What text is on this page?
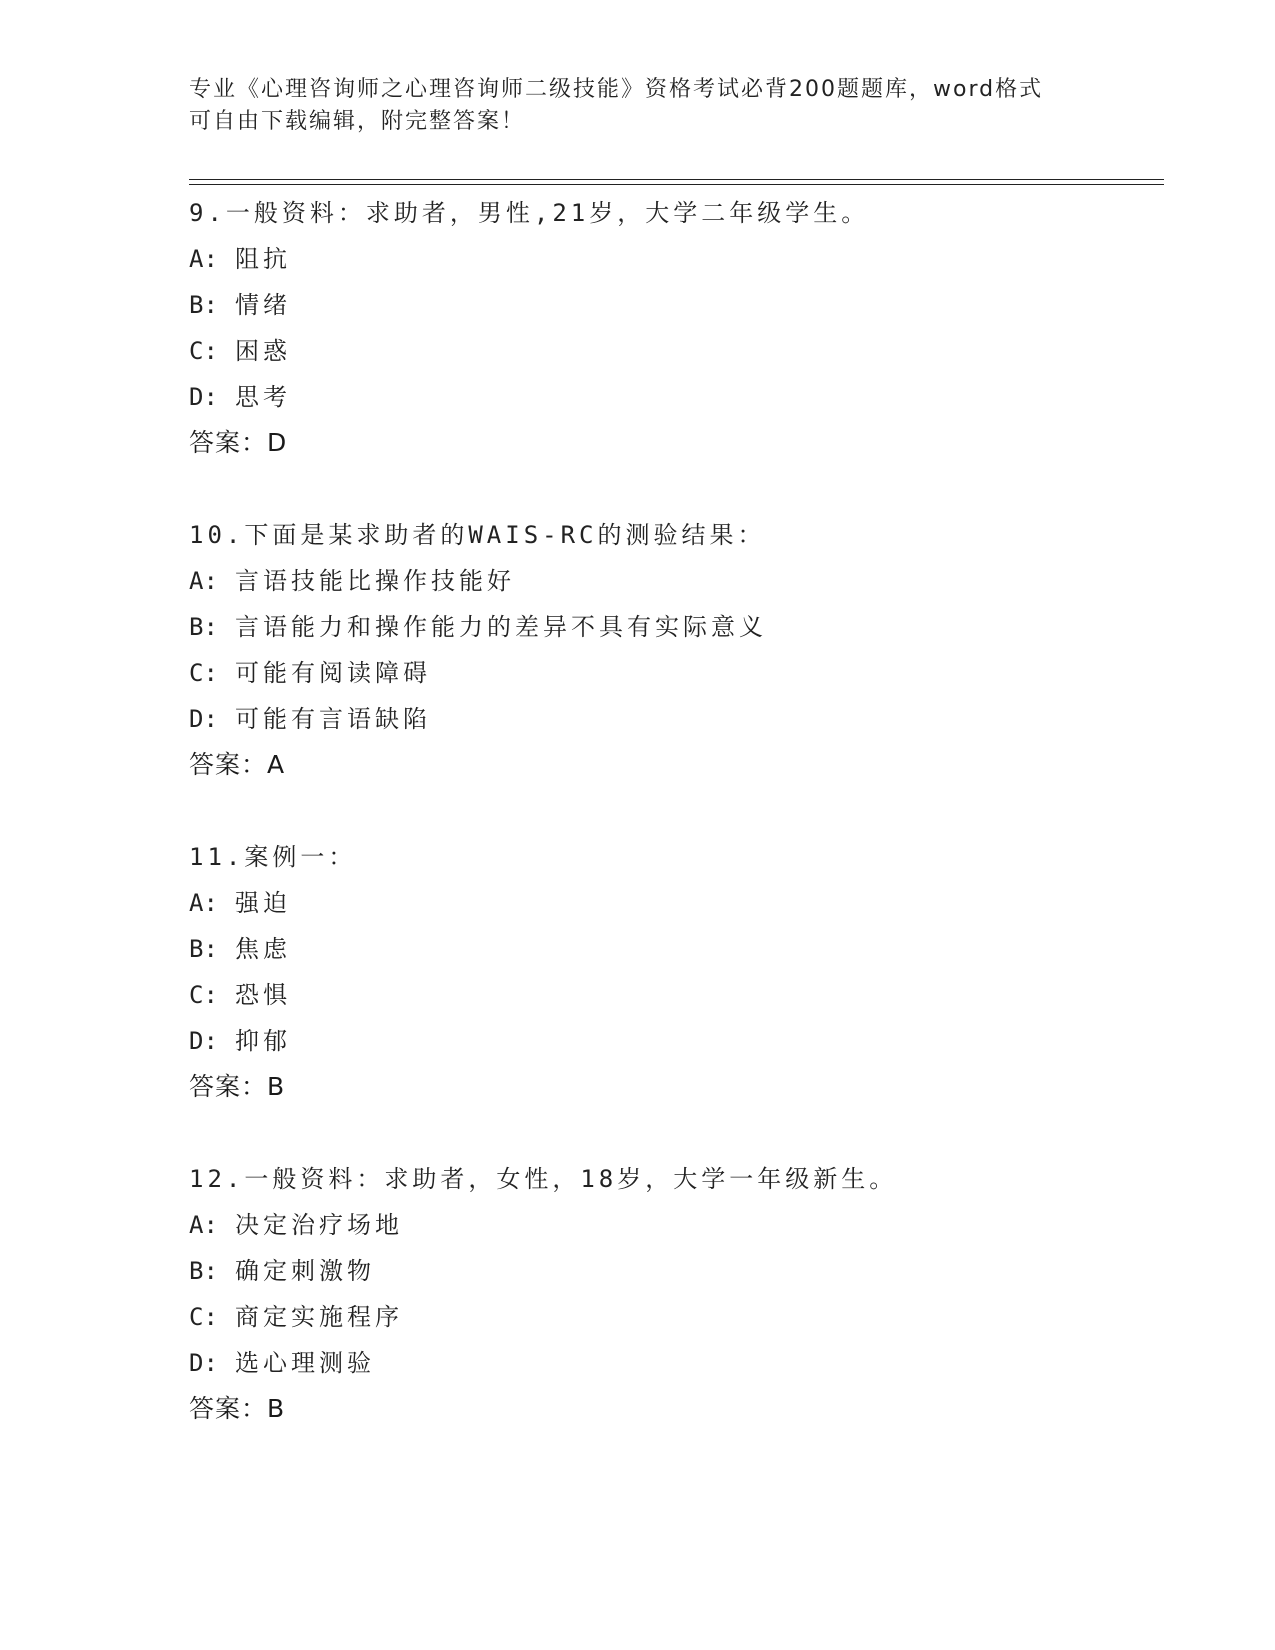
专业《心理咨询师之心理咨询师二级技能》资格考试必背200题题库，word格式
可自由下载编辑，附完整答案！
9.一般资料：求助者，男性,21岁，大学二年级学生。
A: 阻抗
B: 情绪
C: 困惑
D: 思考
答案：D
10.下面是某求助者的WAIS-RC的测验结果：
A: 言语技能比操作技能好
B: 言语能力和操作能力的差异不具有实际意义
C: 可能有阅读障碍
D: 可能有言语缺陷
答案：A
11.案例一：
A: 强迫
B: 焦虑
C: 恐惧
D: 抑郁
答案：B
12.一般资料：求助者，女性，18岁，大学一年级新生。
A: 决定治疗场地
B: 确定刺激物
C: 商定实施程序
D: 选心理测验
答案：B
